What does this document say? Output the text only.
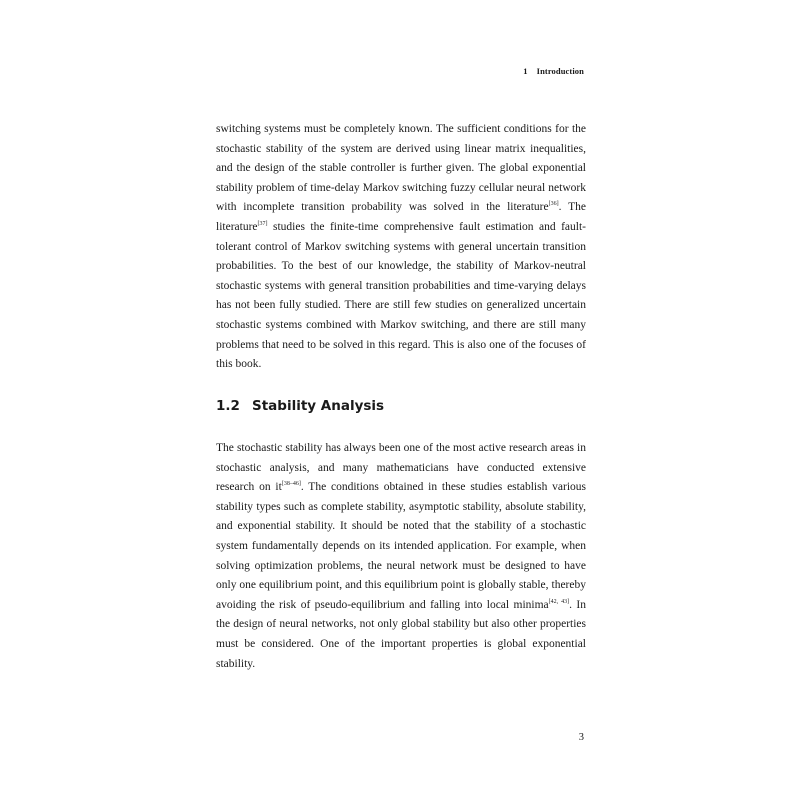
1 Introduction
switching systems must be completely known. The sufficient conditions for the stochastic stability of the system are derived using linear matrix inequalities, and the design of the stable controller is further given. The global exponential stability problem of time-delay Markov switching fuzzy cellular neural network with incomplete transition probability was solved in the literature[36]. The literature[37] studies the finite-time comprehensive fault estimation and fault-tolerant control of Markov switching systems with general uncertain transition probabilities. To the best of our knowledge, the stability of Markov-neutral stochastic systems with general transition probabilities and time-varying delays has not been fully studied. There are still few studies on generalized uncertain stochastic systems combined with Markov switching, and there are still many problems that need to be solved in this regard. This is also one of the focuses of this book.
1.2 Stability Analysis
The stochastic stability has always been one of the most active research areas in stochastic analysis, and many mathematicians have conducted extensive research on it[38–46]. The conditions obtained in these studies establish various stability types such as complete stability, asymptotic stability, absolute stability, and exponential stability. It should be noted that the stability of a stochastic system fundamentally depends on its intended application. For example, when solving optimization problems, the neural network must be designed to have only one equilibrium point, and this equilibrium point is globally stable, thereby avoiding the risk of pseudo-equilibrium and falling into local minima[42, 43]. In the design of neural networks, not only global stability but also other properties must be considered. One of the important properties is global exponential stability.
3
